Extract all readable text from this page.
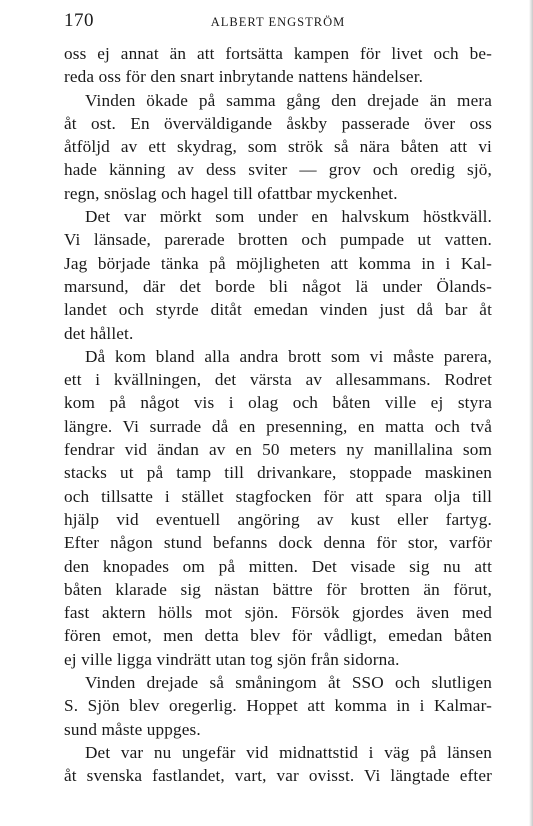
170	ALBERT ENGSTRÖM
oss ej annat än att fortsätta kampen för livet och be-
reda oss för den snart inbrytande nattens händelser.
Vinden ökade på samma gång den drejade än mera
åt ost. En överväldigande åskby passerade över oss
åtföljd av ett skydrag, som strök så nära båten att vi
hade känning av dess sviter — grov och oredig sjö,
regn, snöslag och hagel till ofattbar myckenhet.
Det var mörkt som under en halvskum höstkväll.
Vi länsade, parerade brotten och pumpade ut vatten.
Jag började tänka på möjligheten att komma in i Kal-
marsund, där det borde bli något lä under Ölands-
landet och styrde ditåt emedan vinden just då bar åt
det hållet.
Då kom bland alla andra brott som vi måste parera,
ett i kvällningen, det värsta av allesammans. Rodret
kom på något vis i olag och båten ville ej styra
längre. Vi surrade då en presenning, en matta och två
fendrar vid ändan av en 50 meters ny manillalina som
stacks ut på tamp till drivankare, stoppade maskinen
och tillsatte i stället stagfocken för att spara olja till
hjälp vid eventuell angöring av kust eller fartyg.
Efter någon stund befanns dock denna för stor, varför
den knopades om på mitten. Det visade sig nu att
båten klarade sig nästan bättre för brotten än förut,
fast aktern hölls mot sjön. Försök gjordes även med
fören emot, men detta blev för vådligt, emedan båten
ej ville ligga vindrätt utan tog sjön från sidorna.
Vinden drejade så småningom åt SSO och slutligen
S. Sjön blev oregerlig. Hoppet att komma in i Kalmar-
sund måste uppges.
Det var nu ungefär vid midnattstid i väg på länsen
åt svenska fastlandet, vart, var ovisst. Vi längtade efter
